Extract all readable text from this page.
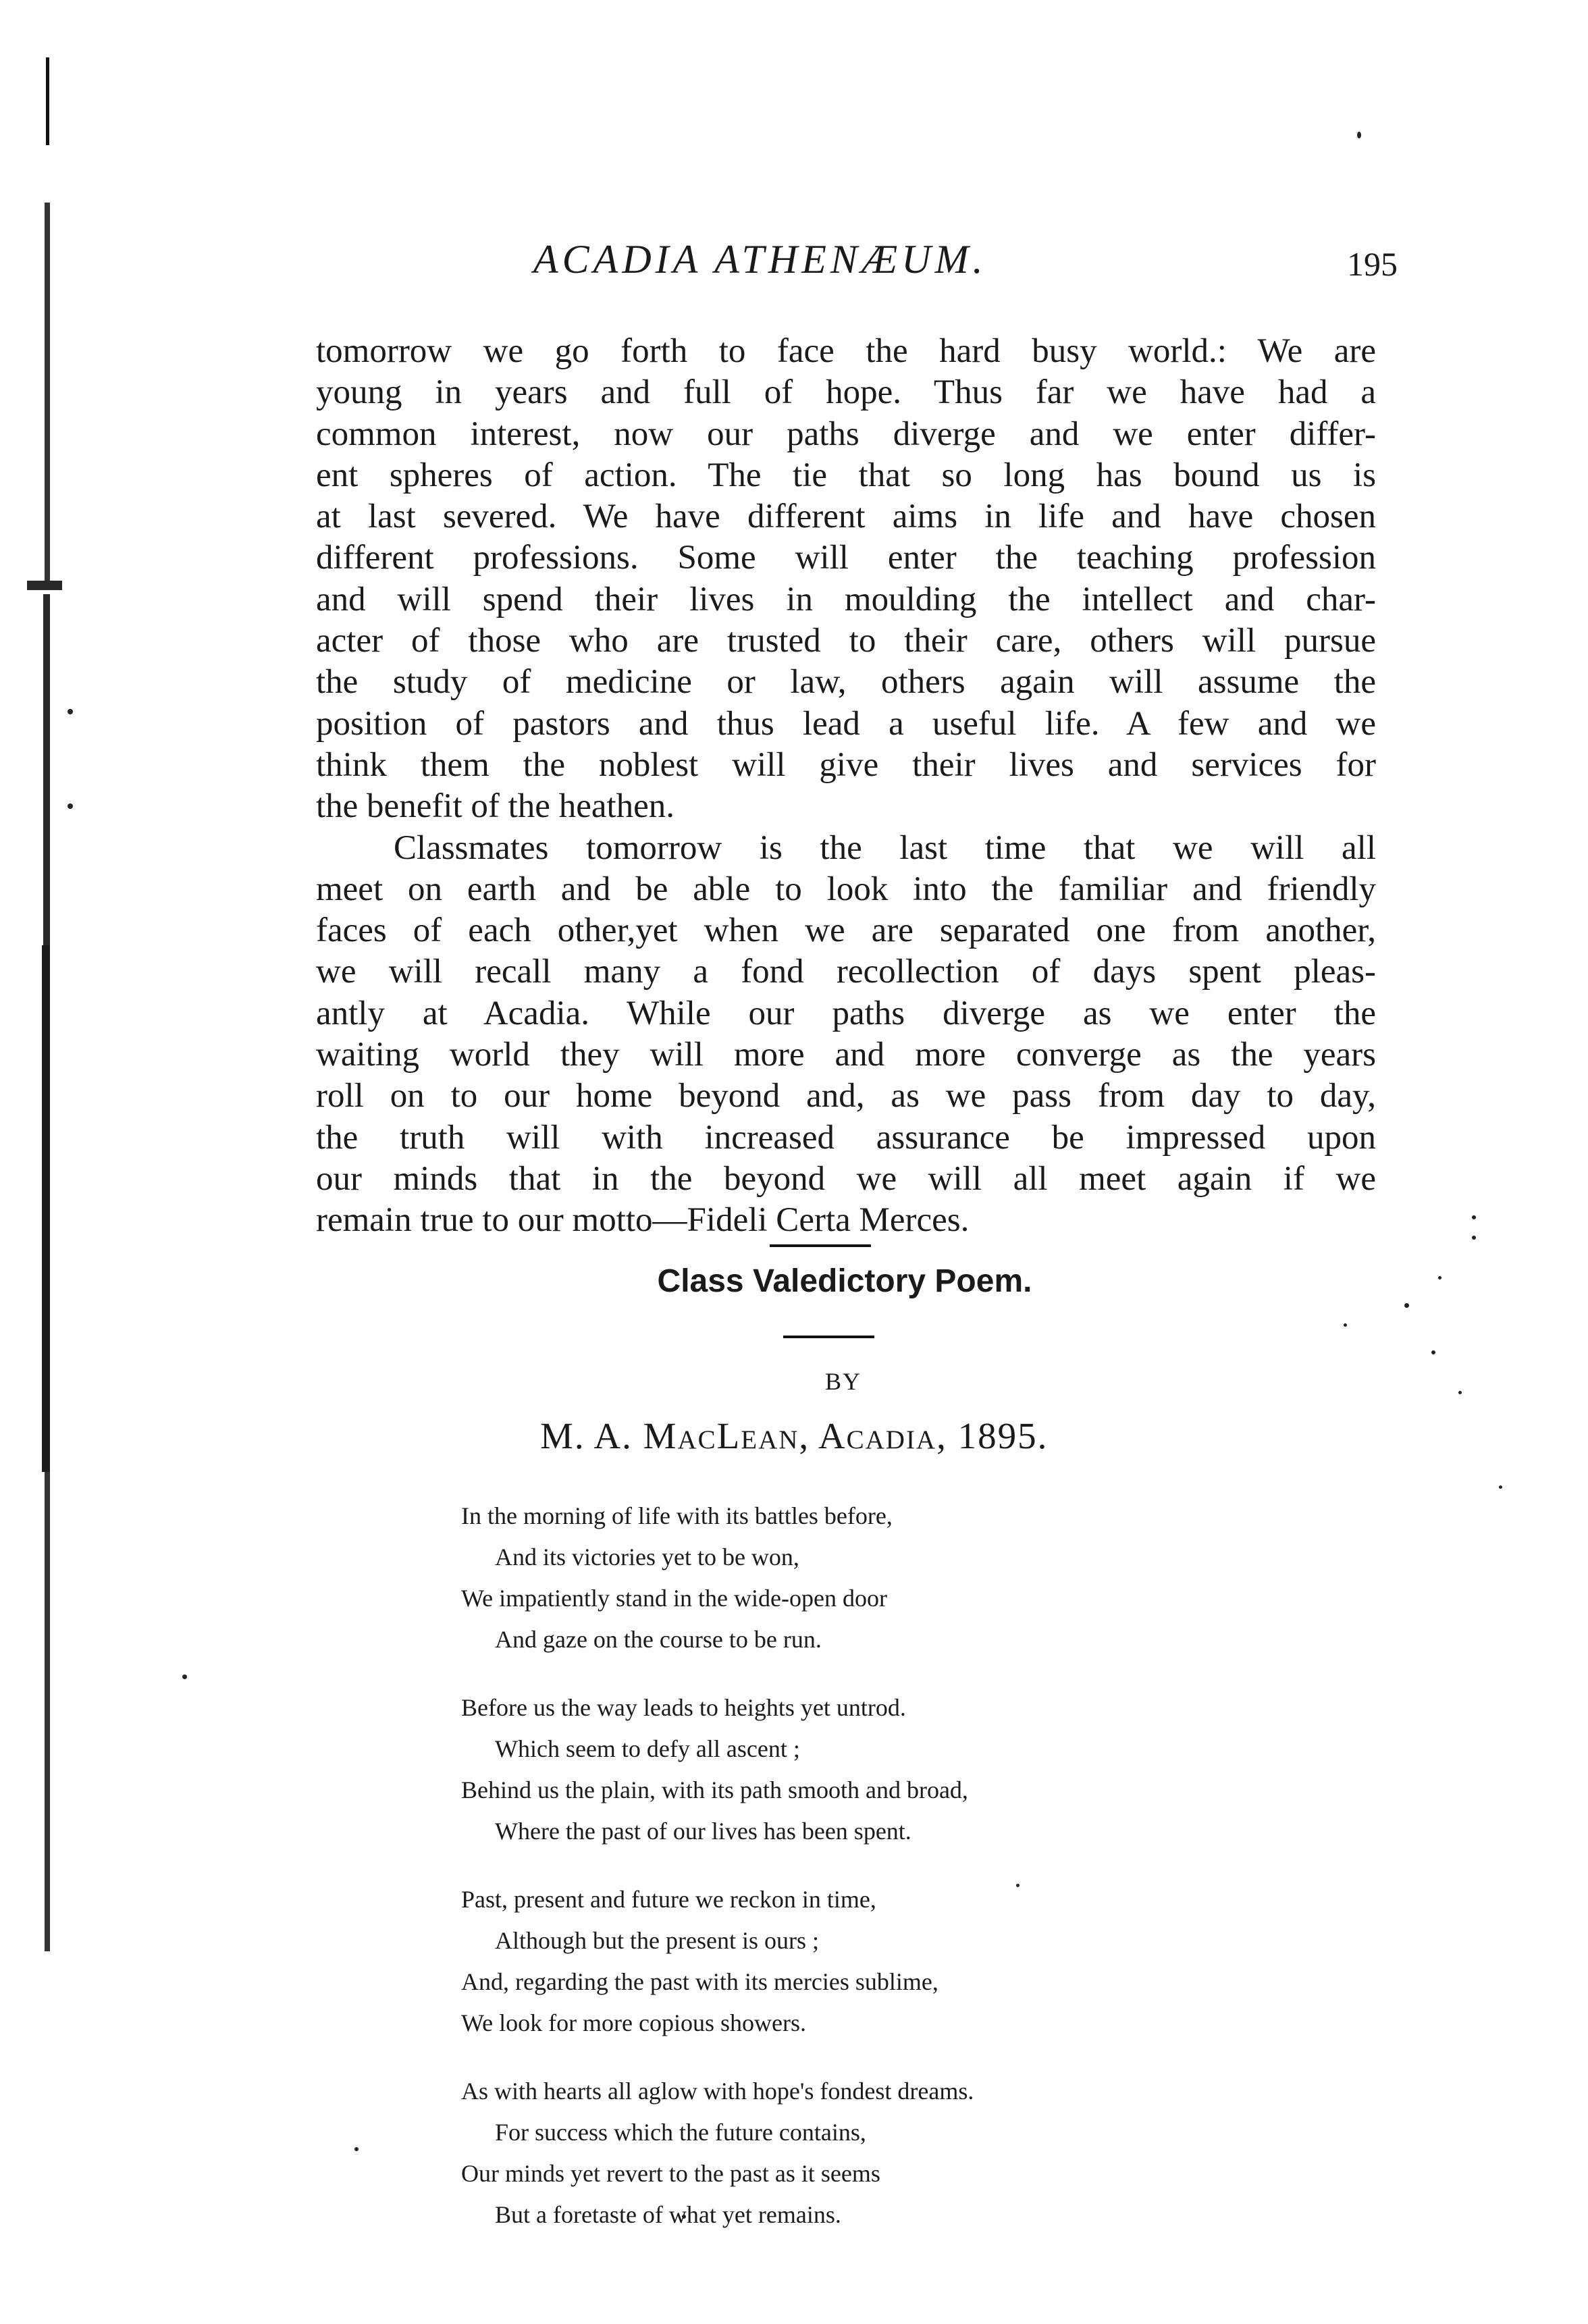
ACADIA ATHENÆUM.	195
tomorrow we go forth to face the hard busy world.: We are
young in years and full of hope. Thus far we have had a
common interest, now our paths diverge and we enter differ-
ent spheres of action. The tie that so long has bound us is
at last severed. We have different aims in life and have chosen
different professions. Some will enter the teaching profession
and will spend their lives in moulding the intellect and char-
acter of those who are trusted to their care, others will pursue
the study of medicine or law, others again will assume the
position of pastors and thus lead a useful life. A few and we
think them the noblest will give their lives and services for
the benefit of the heathen.
Classmates tomorrow is the last time that we will all
meet on earth and be able to look into the familiar and friendly
faces of each other,yet when we are separated one from another,
we will recall many a fond recollection of days spent pleas-
antly at Acadia. While our paths diverge as we enter the
waiting world they will more and more converge as the years
roll on to our home beyond and, as we pass from day to day,
the truth will with increased assurance be impressed upon
our minds that in the beyond we will all meet again if we
remain true to our motto—Fideli Certa Merces.
Class Valedictory Poem.
BY
M. A. MacLean, Acadia, 1895.
In the morning of life with its battles before,
And its victories yet to be won,
We impatiently stand in the wide-open door
And gaze on the course to be run.
Before us the way leads to heights yet untrod.
Which seem to defy all ascent ;
Behind us the plain, with its path smooth and broad,
Where the past of our lives has been spent.
Past, present and future we reckon in time,
Although but the present is ours ;
And, regarding the past with its mercies sublime,
We look for more copious showers.
As with hearts all aglow with hope's fondest dreams.
For success which the future contains,
Our minds yet revert to the past as it seems
But a foretaste of what yet remains.
